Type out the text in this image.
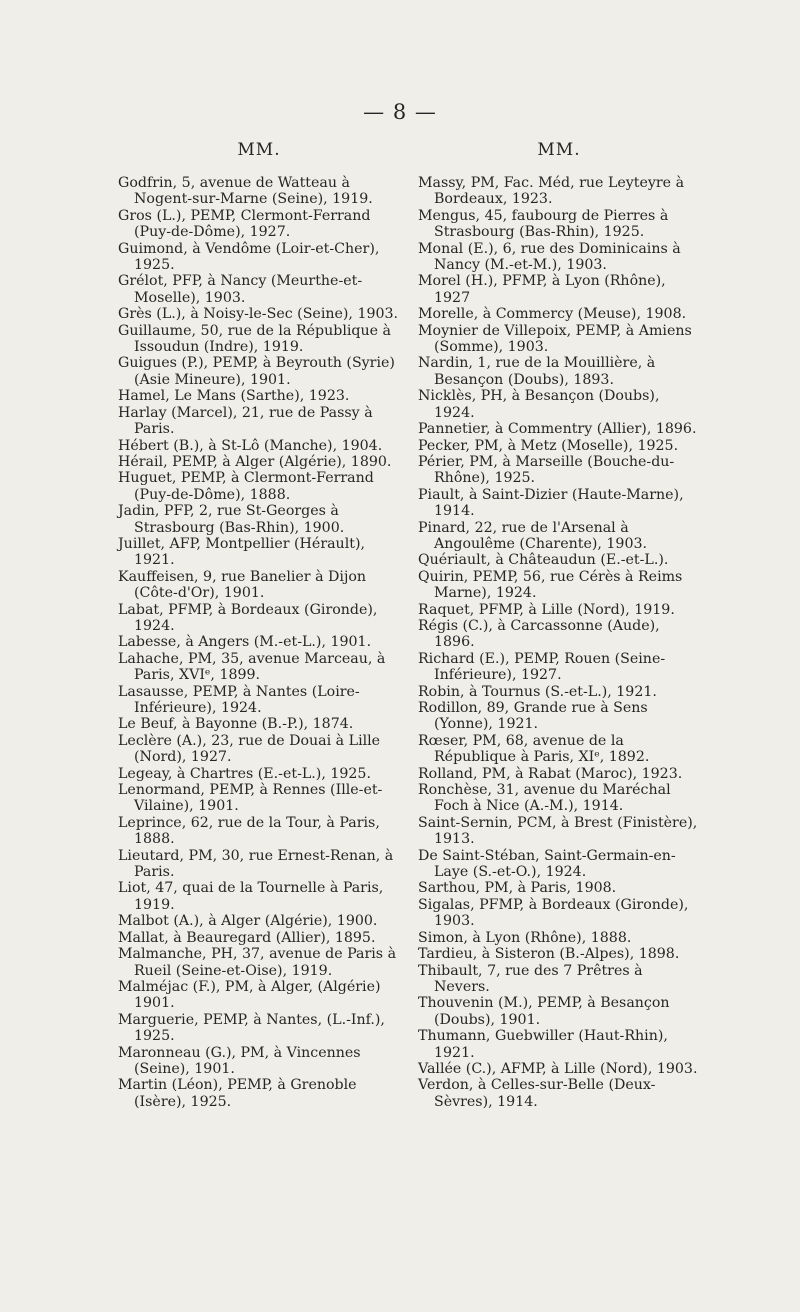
— 8 —
MM.

Godfrin, 5, avenue de Watteau à Nogent-sur-Marne (Seine), 1919.

Gros (L.), PEMP, Clermont-Ferrand (Puy-de-Dôme), 1927.

Guimond, à Vendôme (Loir-et-Cher), 1925.

Grélot, PFP, à Nancy (Meurthe-et-Moselle), 1903.

Grès (L.), à Noisy-le-Sec (Seine), 1903.

Guillaume, 50, rue de la République à Issoudun (Indre), 1919.

Guigues (P.), PEMP, à Beyrouth (Syrie) (Asie Mineure), 1901.

Hamel, Le Mans (Sarthe), 1923.

Harlay (Marcel), 21, rue de Passy à Paris.

Hébert (B.), à St-Lô (Manche), 1904.

Hérail, PEMP, à Alger (Algérie), 1890.

Huguet, PEMP, à Clermont-Ferrand (Puy-de-Dôme), 1888.

Jadin, PFP, 2, rue St-Georges à Strasbourg (Bas-Rhin), 1900.

Juillet, AFP, Montpellier (Hérault), 1921.

Kauffeisen, 9, rue Banelier à Dijon (Côte-d'Or), 1901.

Labat, PFMP, à Bordeaux (Gironde), 1924.

Labesse, à Angers (M.-et-L.), 1901.

Lahache, PM, 35, avenue Marceau, à Paris, XVIᵉ, 1899.

Lasausse, PEMP, à Nantes (Loire-Inférieure), 1924.

Le Beuf, à Bayonne (B.-P.), 1874.

Leclère (A.), 23, rue de Douai à Lille (Nord), 1927.

Legeay, à Chartres (E.-et-L.), 1925.

Lenormand, PEMP, à Rennes (Ille-et-Vilaine), 1901.

Leprince, 62, rue de la Tour, à Paris, 1888.

Lieutard, PM, 30, rue Ernest-Renan, à Paris.

Liot, 47, quai de la Tournelle à Paris, 1919.

Malbot (A.), à Alger (Algérie), 1900.

Mallat, à Beauregard (Allier), 1895.

Malmanche, PH, 37, avenue de Paris à Rueil (Seine-et-Oise), 1919.

Malméjac (F.), PM, à Alger, (Algérie) 1901.

Marguerie, PEMP, à Nantes, (L.-Inf.), 1925.

Maronneau (G.), PM, à Vincennes (Seine), 1901.

Martin (Léon), PEMP, à Grenoble (Isère), 1925.

MM.

Massy, PM, Fac. Méd, rue Leyteyre à Bordeaux, 1923.

Mengus, 45, faubourg de Pierres à Strasbourg (Bas-Rhin), 1925.

Monal (E.), 6, rue des Dominicains à Nancy (M.-et-M.), 1903.

Morel (H.), PFMP, à Lyon (Rhône), 1927

Morelle, à Commercy (Meuse), 1908.

Moynier de Villepoix, PEMP, à Amiens (Somme), 1903.

Nardin, 1, rue de la Mouillière, à Besançon (Doubs), 1893.

Nicklès, PH, à Besançon (Doubs), 1924.

Pannetier, à Commentry (Allier), 1896.

Pecker, PM, à Metz (Moselle), 1925.

Périer, PM, à Marseille (Bouche-du-Rhône), 1925.

Piault, à Saint-Dizier (Haute-Marne), 1914.

Pinard, 22, rue de l'Arsenal à Angoulême (Charente), 1903.

Quériault, à Châteaudun (E.-et-L.).

Quirin, PEMP, 56, rue Cérès à Reims Marne), 1924.

Raquet, PFMP, à Lille (Nord), 1919.

Régis (C.), à Carcassonne (Aude), 1896.

Richard (E.), PEMP, Rouen (Seine-Inférieure), 1927.

Robin, à Tournus (S.-et-L.), 1921.

Rodillon, 89, Grande rue à Sens (Yonne), 1921.

Rœser, PM, 68, avenue de la République à Paris, XIᵉ, 1892.

Rolland, PM, à Rabat (Maroc), 1923.

Ronchèse, 31, avenue du Maréchal Foch à Nice (A.-M.), 1914.

Saint-Sernin, PCM, à Brest (Finistère), 1913.

De Saint-Stéban, Saint-Germain-en-Laye (S.-et-O.), 1924.

Sarthou, PM, à Paris, 1908.

Sigalas, PFMP, à Bordeaux (Gironde), 1903.

Simon, à Lyon (Rhône), 1888.

Tardieu, à Sisteron (B.-Alpes), 1898.

Thibault, 7, rue des 7 Prêtres à Nevers.

Thouvenin (M.), PEMP, à Besançon (Doubs), 1901.

Thumann, Guebwiller (Haut-Rhin), 1921.

Vallée (C.), AFMP, à Lille (Nord), 1903.

Verdon, à Celles-sur-Belle (Deux-Sèvres), 1914.
